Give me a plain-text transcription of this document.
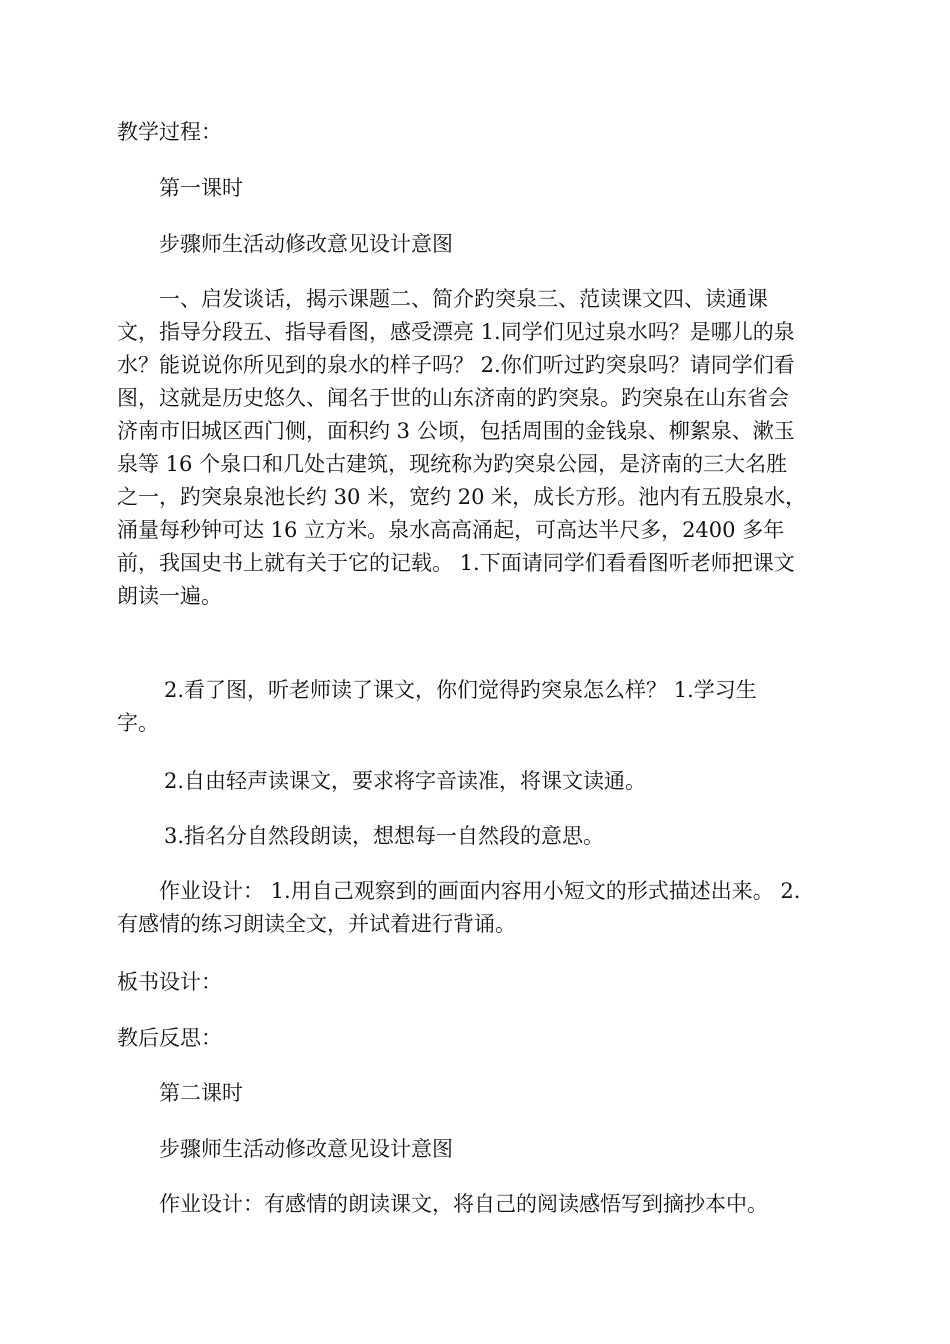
教学过程：
第一课时
步骤师生活动修改意见设计意图
一、启发谈话，揭示课题二、简介趵突泉三、范读课文四、读通课
文，指导分段五、指导看图，感受漂亮 1.同学们见过泉水吗？是哪儿的泉
水？能说说你所见到的泉水的样子吗？ 2.你们听过趵突泉吗？请同学们看
图，这就是历史悠久、闻名于世的山东济南的趵突泉。趵突泉在山东省会
济南市旧城区西门侧，面积约 3 公顷，包括周围的金钱泉、柳絮泉、漱玉
泉等 16 个泉口和几处古建筑，现统称为趵突泉公园，是济南的三大名胜
之一，趵突泉泉池长约 30 米，宽约 20 米，成长方形。池内有五股泉水，
涌量每秒钟可达 16 立方米。泉水高高涌起，可高达半尺多，2400 多年
前，我国史书上就有关于它的记载。 1.下面请同学们看看图听老师把课文
朗读一遍。
2.看了图，听老师读了课文，你们觉得趵突泉怎么样？ 1.学习生
字。
2.自由轻声读课文，要求将字音读准，将课文读通。
3.指名分自然段朗读，想想每一自然段的意思。
作业设计： 1.用自己观察到的画面内容用小短文的形式描述出来。 2.
有感情的练习朗读全文，并试着进行背诵。
板书设计：
教后反思：
第二课时
步骤师生活动修改意见设计意图
作业设计：有感情的朗读课文，将自己的阅读感悟写到摘抄本中。
